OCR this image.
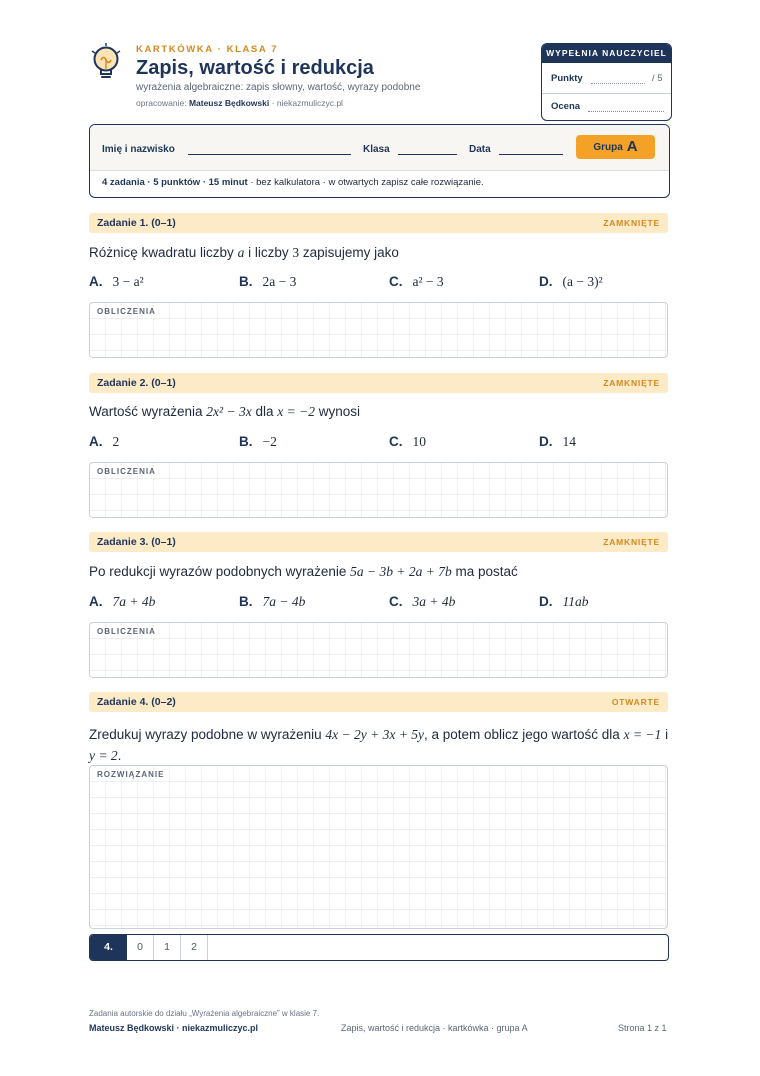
KARTKÓWKA · KLASA 7
Zapis, wartość i redukcja
wyrażenia algebraiczne: zapis słowny, wartość, wyrazy podobne
opracowanie: Mateusz Będkowski · niekazmuliczyc.pl
WYPEŁNIA NAUCZYCIEL
Punkty	/ 5
Ocena
Imię i nazwisko	Klasa	Data	Grupa A
4 zadania · 5 punktów · 15 minut · bez kalkulatora · w otwartych zapisz całe rozwiązanie.
Zadanie 1. (0–1)	ZAMKNIĘTE
Różnicę kwadratu liczby a i liczby 3 zapisujemy jako
A. 3 − a²	B. 2a − 3	C. a² − 3	D. (a − 3)²
OBLICZENIA
Zadanie 2. (0–1)	ZAMKNIĘTE
Wartość wyrażenia 2x² − 3x dla x = −2 wynosi
A. 2	B. −2	C. 10	D. 14
OBLICZENIA
Zadanie 3. (0–1)	ZAMKNIĘTE
Po redukcji wyrazów podobnych wyrażenie 5a − 3b + 2a + 7b ma postać
A. 7a + 4b	B. 7a − 4b	C. 3a + 4b	D. 11ab
OBLICZENIA
Zadanie 4. (0–2)	OTWARTE
Zredukuj wyrazy podobne w wyrażeniu 4x − 2y + 3x + 5y, a potem oblicz jego wartość dla x = −1 i y = 2.
ROZWIĄZANIE
4.	0	1	2
Zadania autorskie do działu „Wyrażenia algebraiczne” w klasie 7.
Mateusz Będkowski · niekazmuliczyc.pl	Zapis, wartość i redukcja · kartkówka · grupa A	Strona 1 z 1
